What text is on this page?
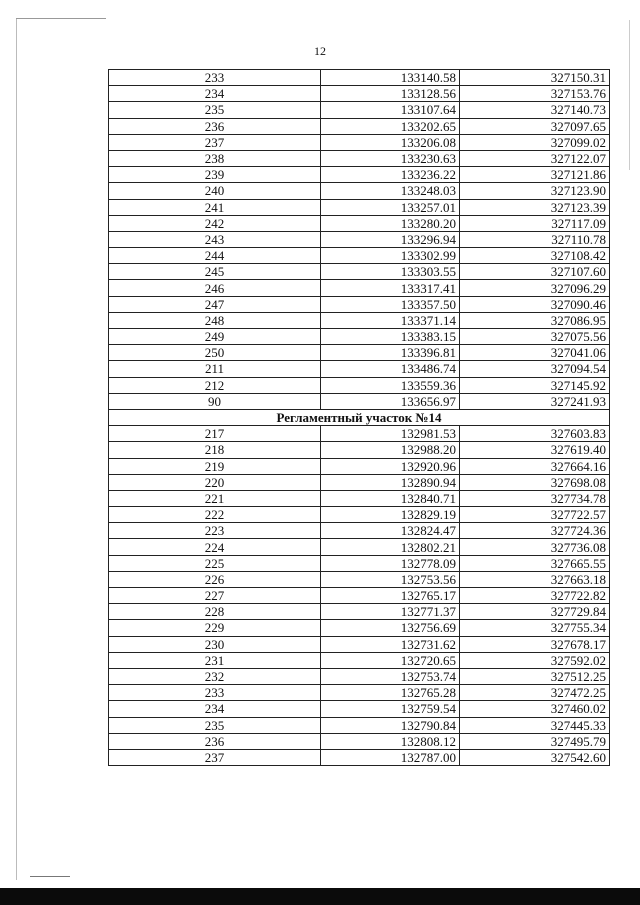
12
233	133140.58	327150.31
234	133128.56	327153.76
235	133107.64	327140.73
236	133202.65	327097.65
237	133206.08	327099.02
238	133230.63	327122.07
239	133236.22	327121.86
240	133248.03	327123.90
241	133257.01	327123.39
242	133280.20	327117.09
243	133296.94	327110.78
244	133302.99	327108.42
245	133303.55	327107.60
246	133317.41	327096.29
247	133357.50	327090.46
248	133371.14	327086.95
249	133383.15	327075.56
250	133396.81	327041.06
211	133486.74	327094.54
212	133559.36	327145.92
90	133656.97	327241.93
Регламентный участок №14		
217	132981.53	327603.83
218	132988.20	327619.40
219	132920.96	327664.16
220	132890.94	327698.08
221	132840.71	327734.78
222	132829.19	327722.57
223	132824.47	327724.36
224	132802.21	327736.08
225	132778.09	327665.55
226	132753.56	327663.18
227	132765.17	327722.82
228	132771.37	327729.84
229	132756.69	327755.34
230	132731.62	327678.17
231	132720.65	327592.02
232	132753.74	327512.25
233	132765.28	327472.25
234	132759.54	327460.02
235	132790.84	327445.33
236	132808.12	327495.79
237	132787.00	327542.60
